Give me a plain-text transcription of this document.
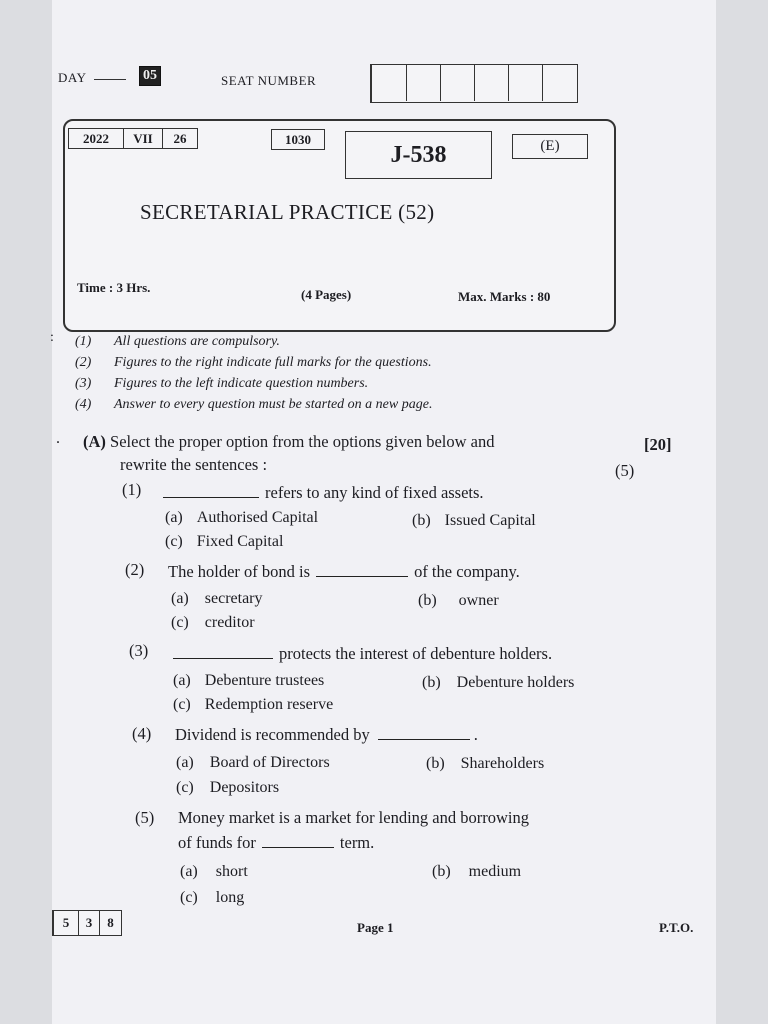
DAY	05	SEAT NUMBER
2022	VII	26	1030
J-538	(E)
SECRETARIAL PRACTICE (52)
Time : 3 Hrs.	(4 Pages)	Max. Marks : 80
: (1) All questions are compulsory.
(2) Figures to the right indicate full marks for the questions.
(3) Figures to the left indicate question numbers.
(4) Answer to every question must be started on a new page.
. (A) Select the proper option from the options given below and
rewrite the sentences :
[20]
(5)
(1)	refers to any kind of fixed assets.
(a) Authorised Capital	(b) Issued Capital
(c) Fixed Capital
(2) The holder of bond is	of the company.
(a) secretary	(b) owner
(c) creditor
(3)	protects the interest of debenture holders.
(a) Debenture trustees	(b) Debenture holders
(c) Redemption reserve
(4) Dividend is recommended by	.
(a) Board of Directors	(b) Shareholders
(c) Depositors
(5) Money market is a market for lending and borrowing
of funds for	term.
(a) short	(b) medium
(c) long
5	3	8	Page 1	P.T.O.
